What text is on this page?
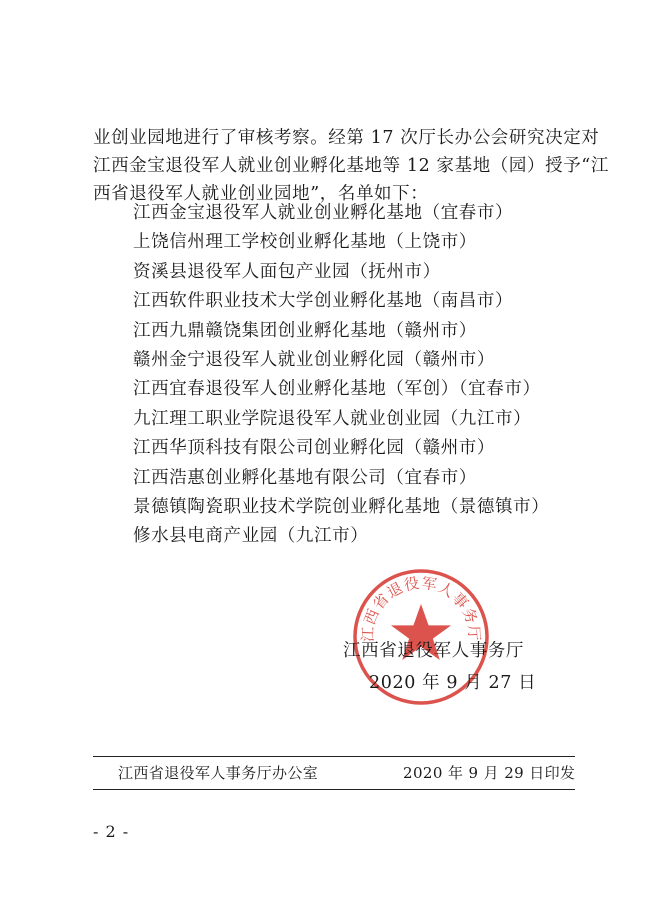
业创业园地进行了审核考察。经第 17 次厅长办公会研究决定对
江西金宝退役军人就业创业孵化基地等 12 家基地（园）授予“江
西省退役军人就业创业园地”，名单如下：
江西金宝退役军人就业创业孵化基地（宜春市）
上饶信州理工学校创业孵化基地（上饶市）
资溪县退役军人面包产业园（抚州市）
江西软件职业技术大学创业孵化基地（南昌市）
江西九鼎赣饶集团创业孵化基地（赣州市）
赣州金宁退役军人就业创业孵化园（赣州市）
江西宜春退役军人创业孵化基地（军创）（宜春市）
九江理工职业学院退役军人就业创业园（九江市）
江西华顶科技有限公司创业孵化园（赣州市）
江西浩惠创业孵化基地有限公司（宜春市）
景德镇陶瓷职业技术学院创业孵化基地（景德镇市）
修水县电商产业园（九江市）
江西省退役军人事务厅
江西省退役军人事务厅
2020 年 9 月 27 日
江西省退役军人事务厅办公室	2020 年 9 月 29 日印发
- 2 -
